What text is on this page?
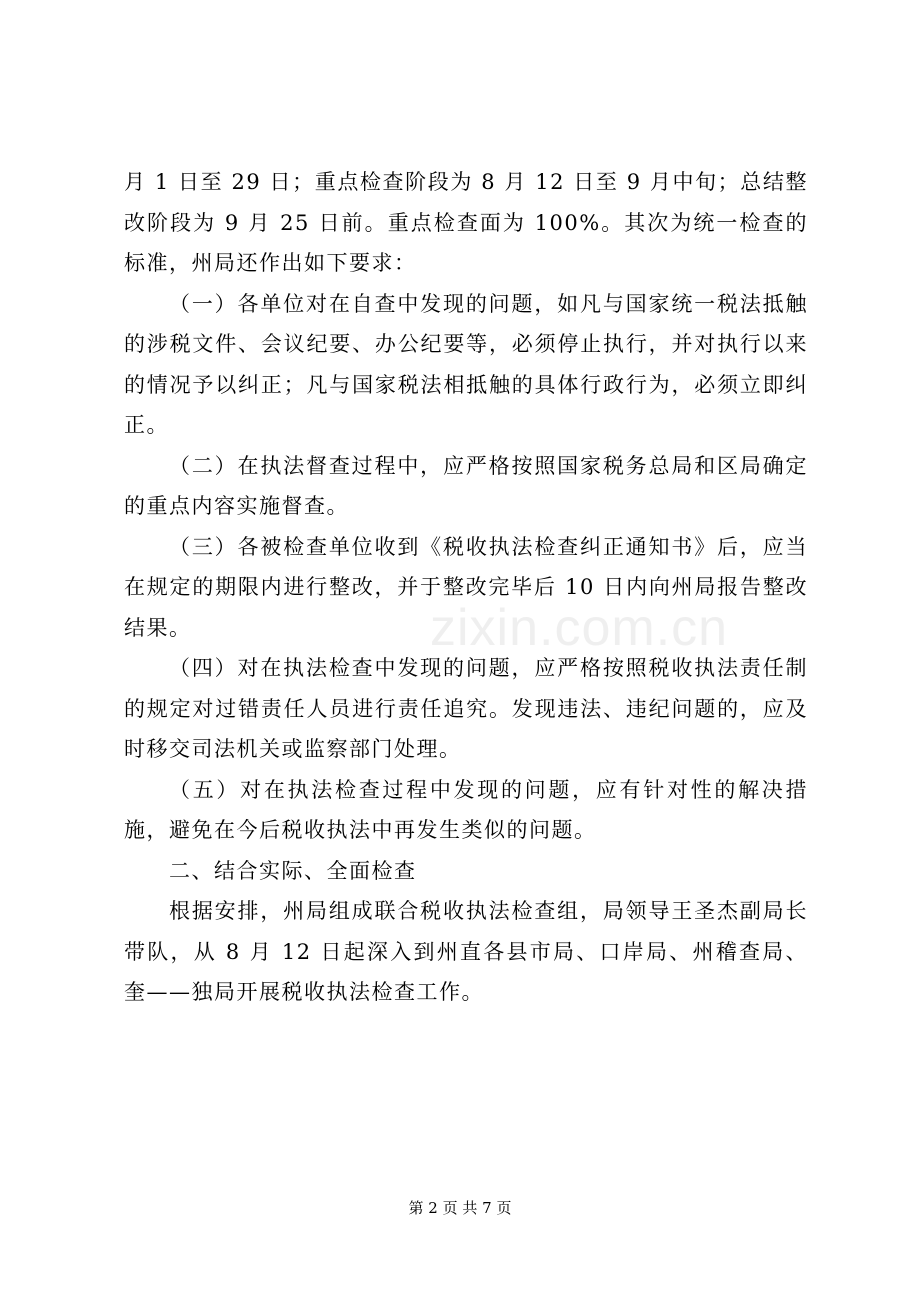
月 1 日至 29 日；重点检查阶段为 8 月 12 日至 9 月中旬；总结整改阶段为 9 月 25 日前。重点检查面为 100%。其次为统一检查的标准，州局还作出如下要求：

（一）各单位对在自查中发现的问题，如凡与国家统一税法抵触的涉税文件、会议纪要、办公纪要等，必须停止执行，并对执行以来的情况予以纠正；凡与国家税法相抵触的具体行政行为，必须立即纠正。

（二）在执法督查过程中，应严格按照国家税务总局和区局确定的重点内容实施督查。

（三）各被检查单位收到《税收执法检查纠正通知书》后，应当在规定的期限内进行整改，并于整改完毕后 10 日内向州局报告整改结果。

（四）对在执法检查中发现的问题，应严格按照税收执法责任制的规定对过错责任人员进行责任追究。发现违法、违纪问题的，应及时移交司法机关或监察部门处理。

（五）对在执法检查过程中发现的问题，应有针对性的解决措施，避免在今后税收执法中再发生类似的问题。

二、结合实际、全面检查

根据安排，州局组成联合税收执法检查组，局领导王圣杰副局长带队，从 8 月 12 日起深入到州直各县市局、口岸局、州稽查局、奎——独局开展税收执法检查工作。

zixin.com.cn
第 2 页 共 7 页
